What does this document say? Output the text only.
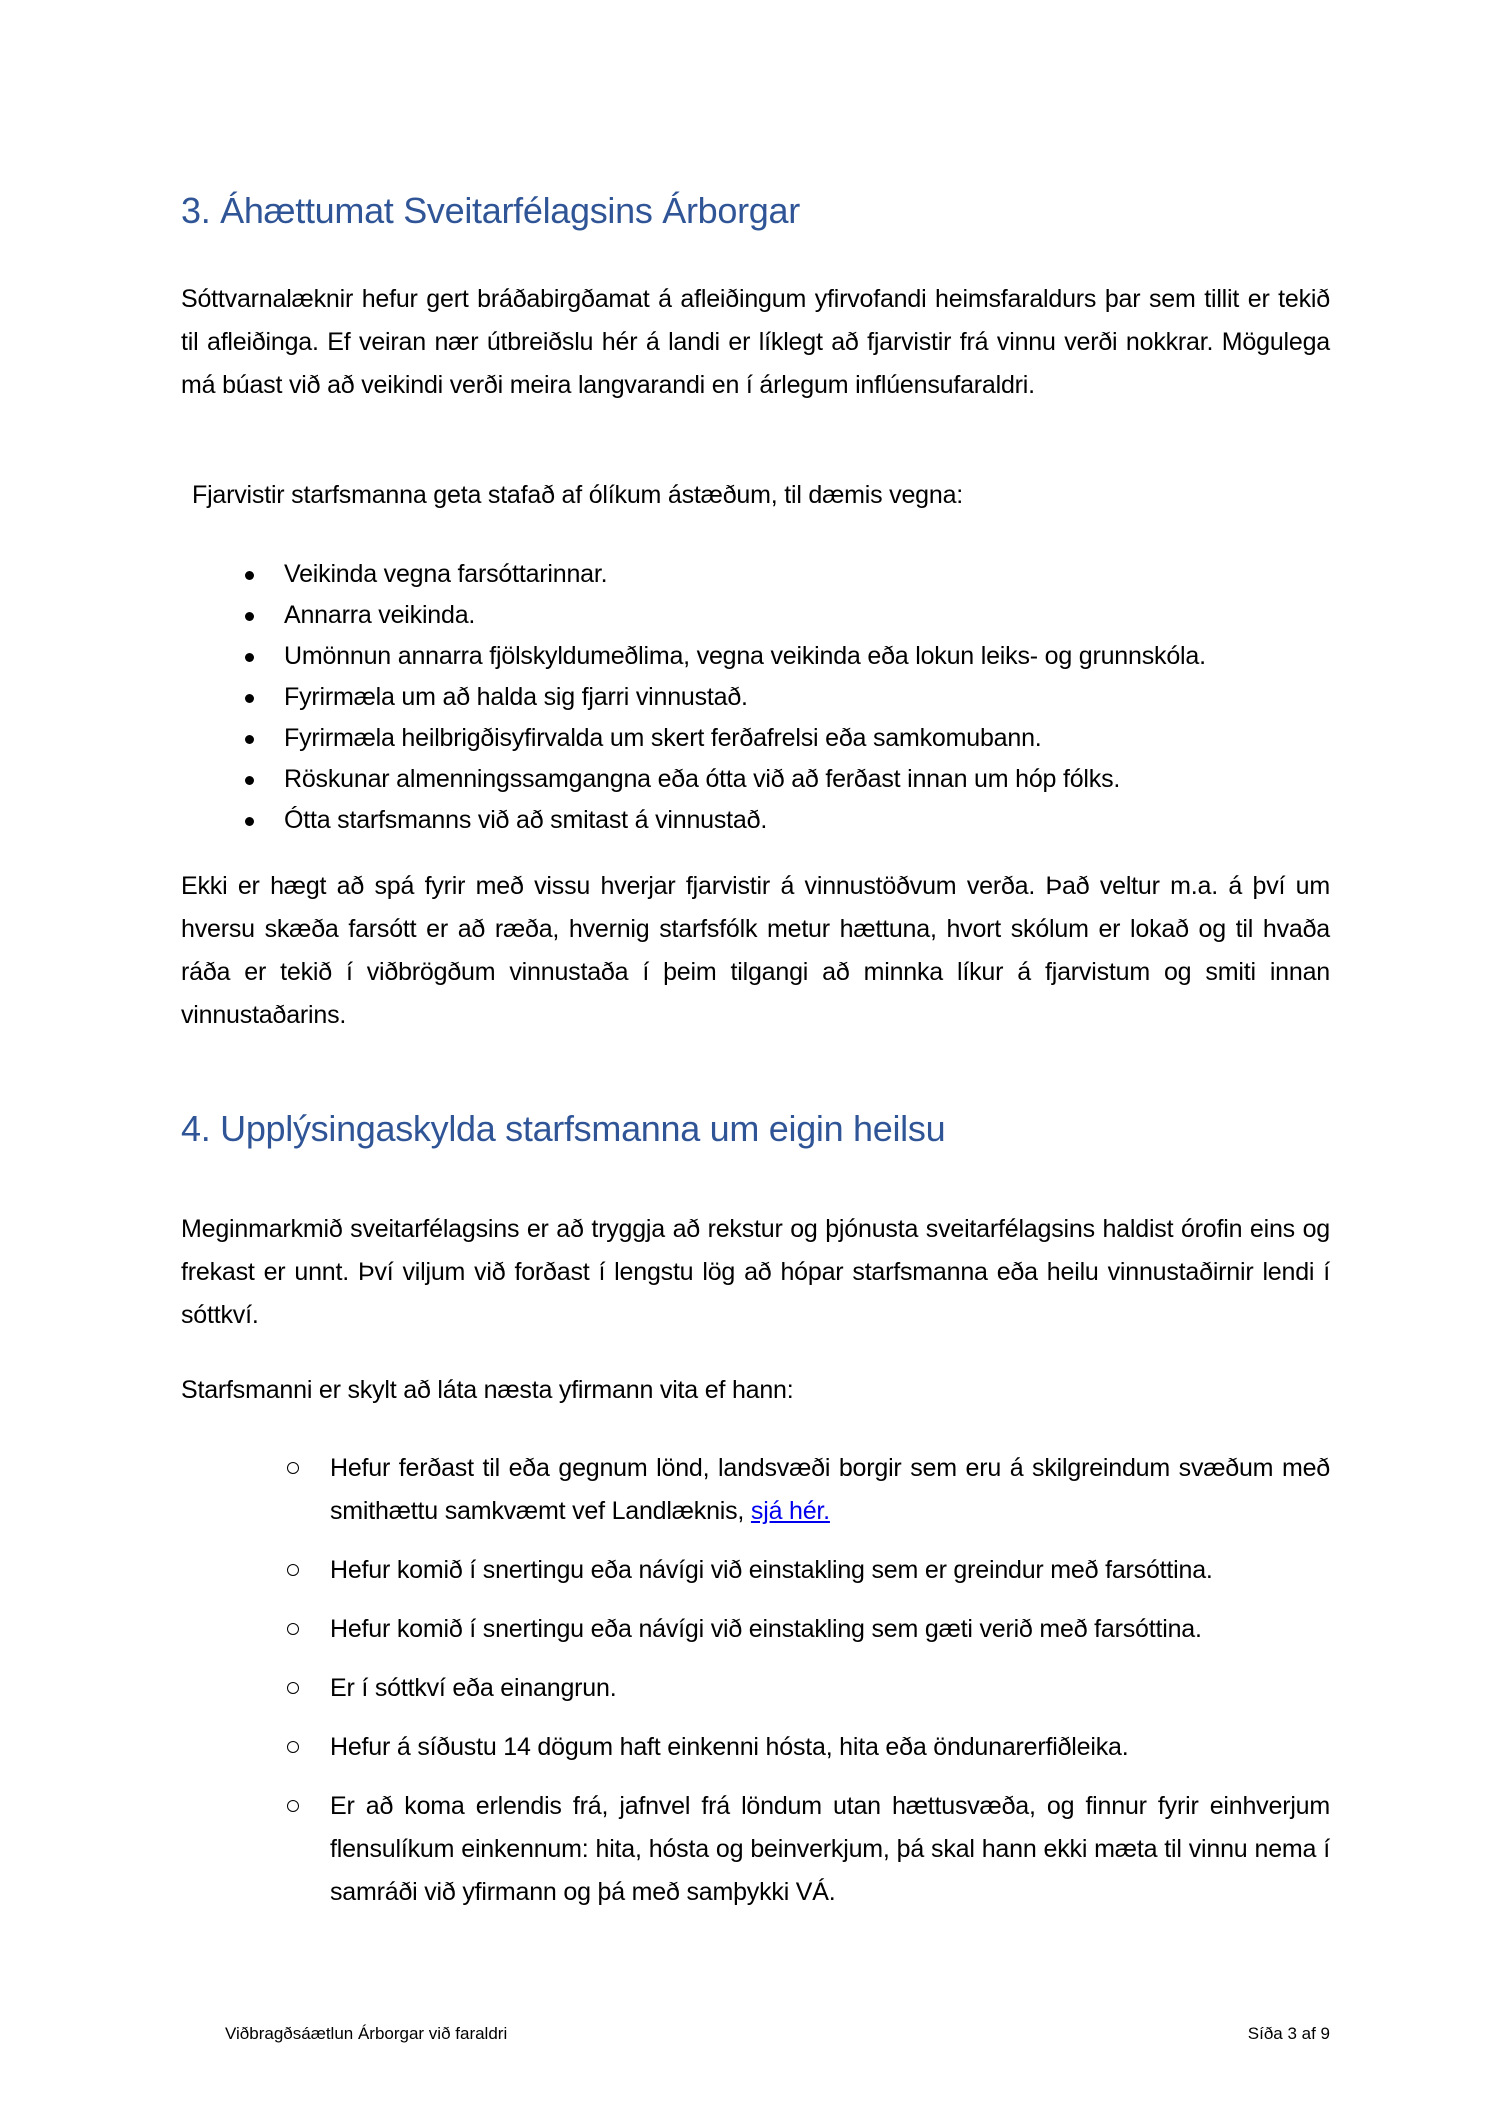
3. Áhættumat Sveitarfélagsins Árborgar
Sóttvarnalæknir hefur gert bráðabirgðamat á afleiðingum yfirvofandi heimsfaraldurs þar sem tillit er tekið til afleiðinga. Ef veiran nær útbreiðslu hér á landi er líklegt að fjarvistir frá vinnu verði nokkrar. Mögulega má búast við að veikindi verði meira langvarandi en í árlegum inflúensufaraldri.
Fjarvistir starfsmanna geta stafað af ólíkum ástæðum, til dæmis vegna:
Veikinda vegna farsóttarinnar.
Annarra veikinda.
Umönnun annarra fjölskyldumeðlima, vegna veikinda eða lokun leiks- og grunnskóla.
Fyrirmæla um að halda sig fjarri vinnustað.
Fyrirmæla heilbrigðisyfirvalda um skert ferðafrelsi eða samkomubann.
Röskunar almenningssamgangna eða ótta við að ferðast innan um hóp fólks.
Ótta starfsmanns við að smitast á vinnustað.
Ekki er hægt að spá fyrir með vissu hverjar fjarvistir á vinnustöðvum verða. Það veltur m.a. á því um hversu skæða farsótt er að ræða, hvernig starfsfólk metur hættuna, hvort skólum er lokað og til hvaða ráða er tekið í viðbrögðum vinnustaða í þeim tilgangi að minnka líkur á fjarvistum og smiti innan vinnustaðarins.
4. Upplýsingaskylda starfsmanna um eigin heilsu
Meginmarkmið sveitarfélagsins er að tryggja að rekstur og þjónusta sveitarfélagsins haldist órofin eins og frekast er unnt. Því viljum við forðast í lengstu lög að hópar starfsmanna eða heilu vinnustaðirnir lendi í sóttkví.
Starfsmanni er skylt að láta næsta yfirmann vita ef hann:
Hefur ferðast til eða gegnum lönd, landsvæði borgir sem eru á skilgreindum svæðum með smithættu samkvæmt vef Landlæknis, sjá hér.
Hefur komið í snertingu eða návígi við einstakling sem er greindur með farsóttina.
Hefur komið í snertingu eða návígi við einstakling sem gæti verið með farsóttina.
Er í sóttkví eða einangrun.
Hefur á síðustu 14 dögum haft einkenni hósta, hita eða öndunarerfiðleika.
Er að koma erlendis frá, jafnvel frá löndum utan hættusvæða, og finnur fyrir einhverjum flensulíkum einkennum: hita, hósta og beinverkjum, þá skal hann ekki mæta til vinnu nema í samráði við yfirmann og þá með samþykki VÁ.
Viðbragðsáætlun Árborgar við faraldri	Síða 3 af 9
